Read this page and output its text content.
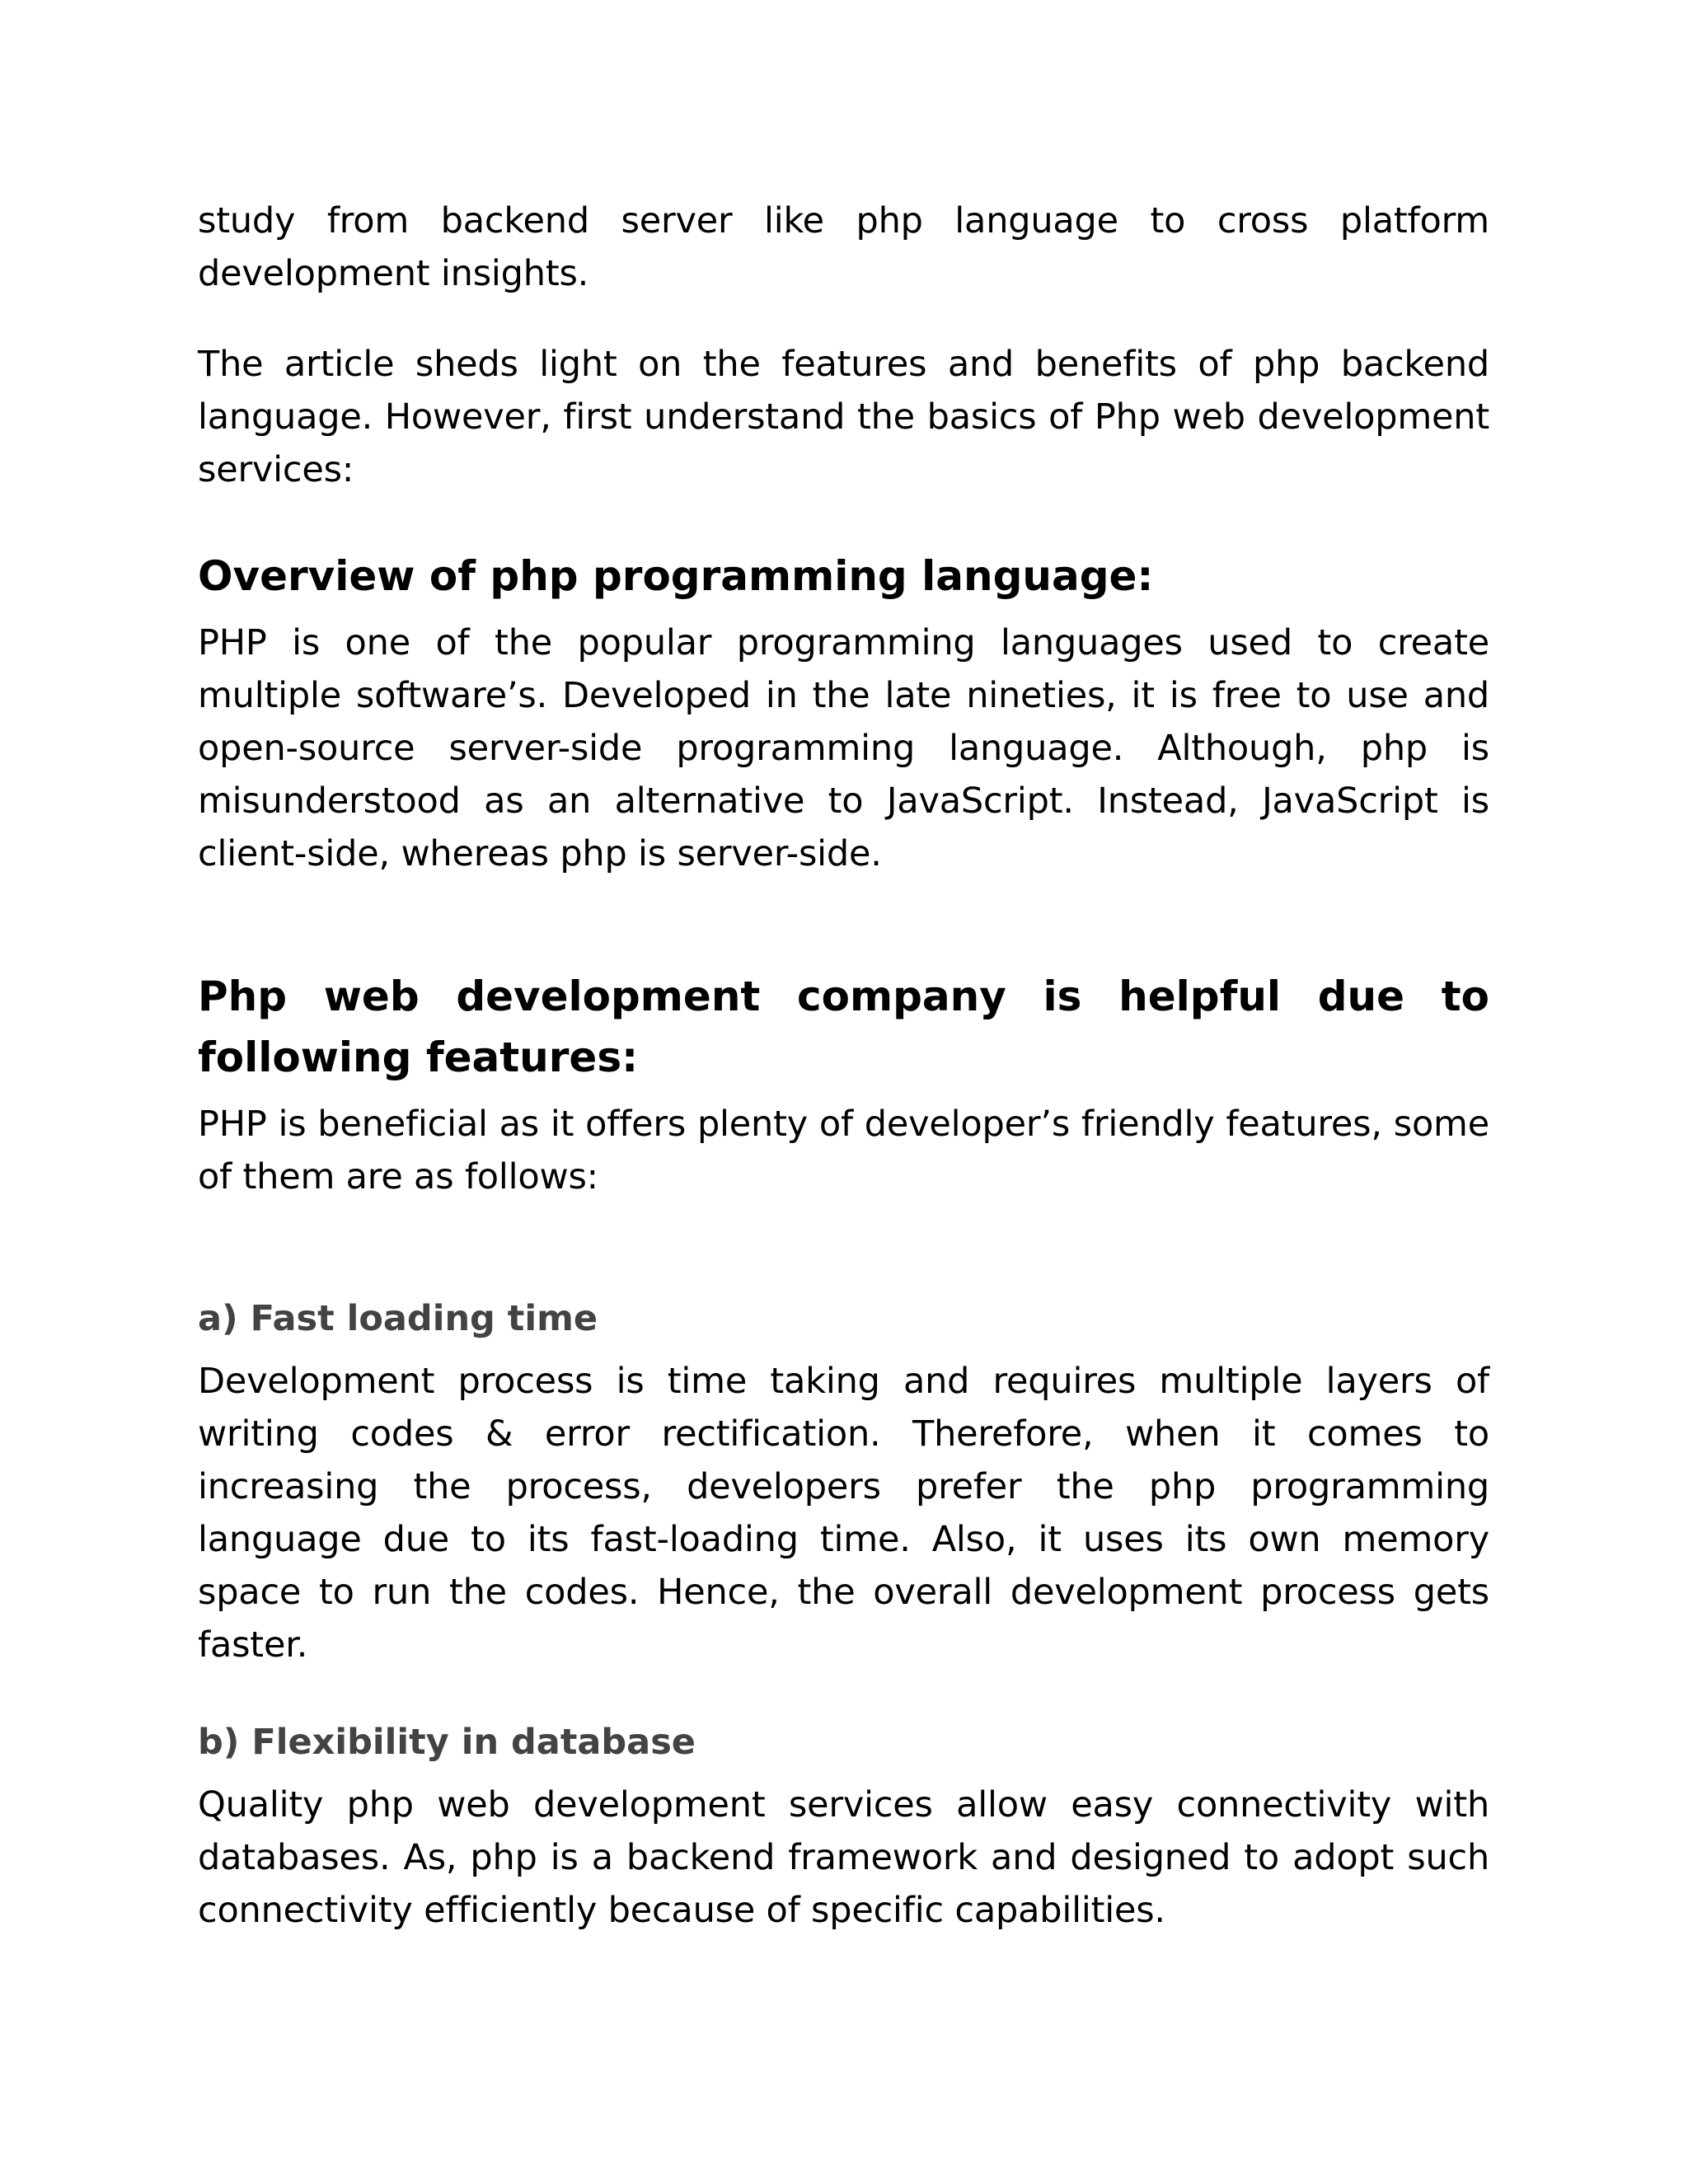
study from backend server like php language to cross platform development insights.

The article sheds light on the features and benefits of php backend language. However, first understand the basics of Php web development services:

Overview of php programming language:

PHP is one of the popular programming languages used to create multiple software’s. Developed in the late nineties, it is free to use and open-source server-side programming language. Although, php is misunderstood as an alternative to JavaScript. Instead, JavaScript is client-side, whereas php is server-side.

Php web development company is helpful due to following features:

PHP is beneficial as it offers plenty of developer’s friendly features, some of them are as follows:

a) Fast loading time

Development process is time taking and requires multiple layers of writing codes & error rectification. Therefore, when it comes to increasing the process, developers prefer the php programming language due to its fast-loading time. Also, it uses its own memory space to run the codes. Hence, the overall development process gets faster.

b) Flexibility in database

Quality php web development services allow easy connectivity with databases. As, php is a backend framework and designed to adopt such connectivity efficiently because of specific capabilities.
